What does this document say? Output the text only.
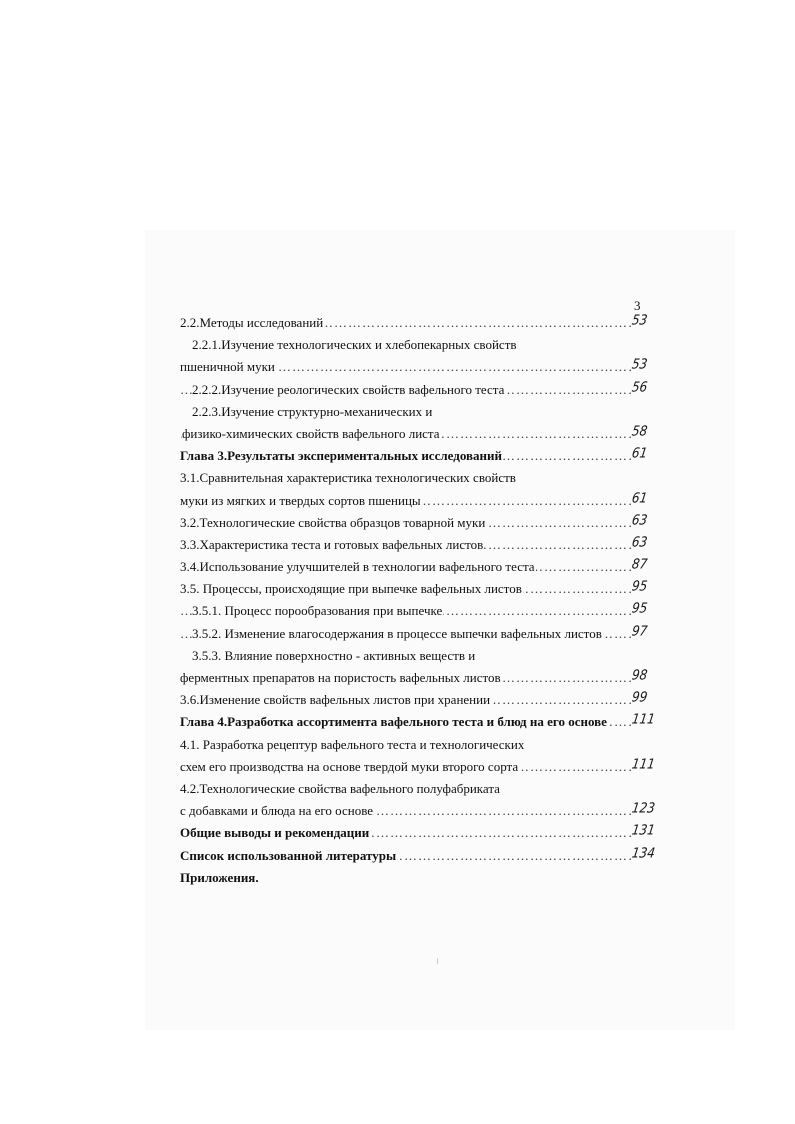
3
……………………………………………………………………………………………………………………………………………………
2.2.Методы исследований	53
2.2.1.Изучение технологических и хлебопекарных свойств
……………………………………………………………………………………………………………………………………………………
пшеничной муки	53
……………………………………………………………………………………………………………………………………………………
2.2.2.Изучение реологических свойств вафельного теста	56
2.2.3.Изучение структурно-механических и
……………………………………………………………………………………………………………………………………………………
физико-химических свойств вафельного листа	58
……………………………………………………………………………………………………………………………………………………
Глава 3.Результаты экспериментальных исследований	61
3.1.Сравнительная характеристика технологических свойств
……………………………………………………………………………………………………………………………………………………
муки из мягких и твердых сортов пшеницы	61
……………………………………………………………………………………………………………………………………………………
3.2.Технологические свойства образцов товарной муки	63
……………………………………………………………………………………………………………………………………………………
3.3.Характеристика теста и готовых вафельных листов	63
……………………………………………………………………………………………………………………………………………………
3.4.Использование улучшителей в технологии вафельного теста	87
……………………………………………………………………………………………………………………………………………………
3.5. Процессы, происходящие при выпечке вафельных листов	95
……………………………………………………………………………………………………………………………………………………
3.5.1. Процесс порообразования при выпечке	95
……………………………………………………………………………………………………………………………………………………
3.5.2. Изменение влагосодержания в процессе выпечки вафельных листов 97
3.5.3. Влияние поверхностно - активных веществ и
……………………………………………………………………………………………………………………………………………………
ферментных препаратов на пористость вафельных листов	98
……………………………………………………………………………………………………………………………………………………
3.6.Изменение свойств вафельных листов при хранении	99
……………………………………………………………………………………………………………………………………………………
Глава 4.Разработка ассортимента вафельного теста и блюд на его основе 111
4.1. Разработка рецептур вафельного теста и технологических
……………………………………………………………………………………………………………………………………………………
схем его производства на основе твердой муки второго сорта	111
4.2.Технологические свойства вафельного полуфабриката
……………………………………………………………………………………………………………………………………………………
с добавками и блюда на его основе	123
……………………………………………………………………………………………………………………………………………………
Общие выводы и рекомендации	131
……………………………………………………………………………………………………………………………………………………
Список использованной литературы	134
Приложения.
